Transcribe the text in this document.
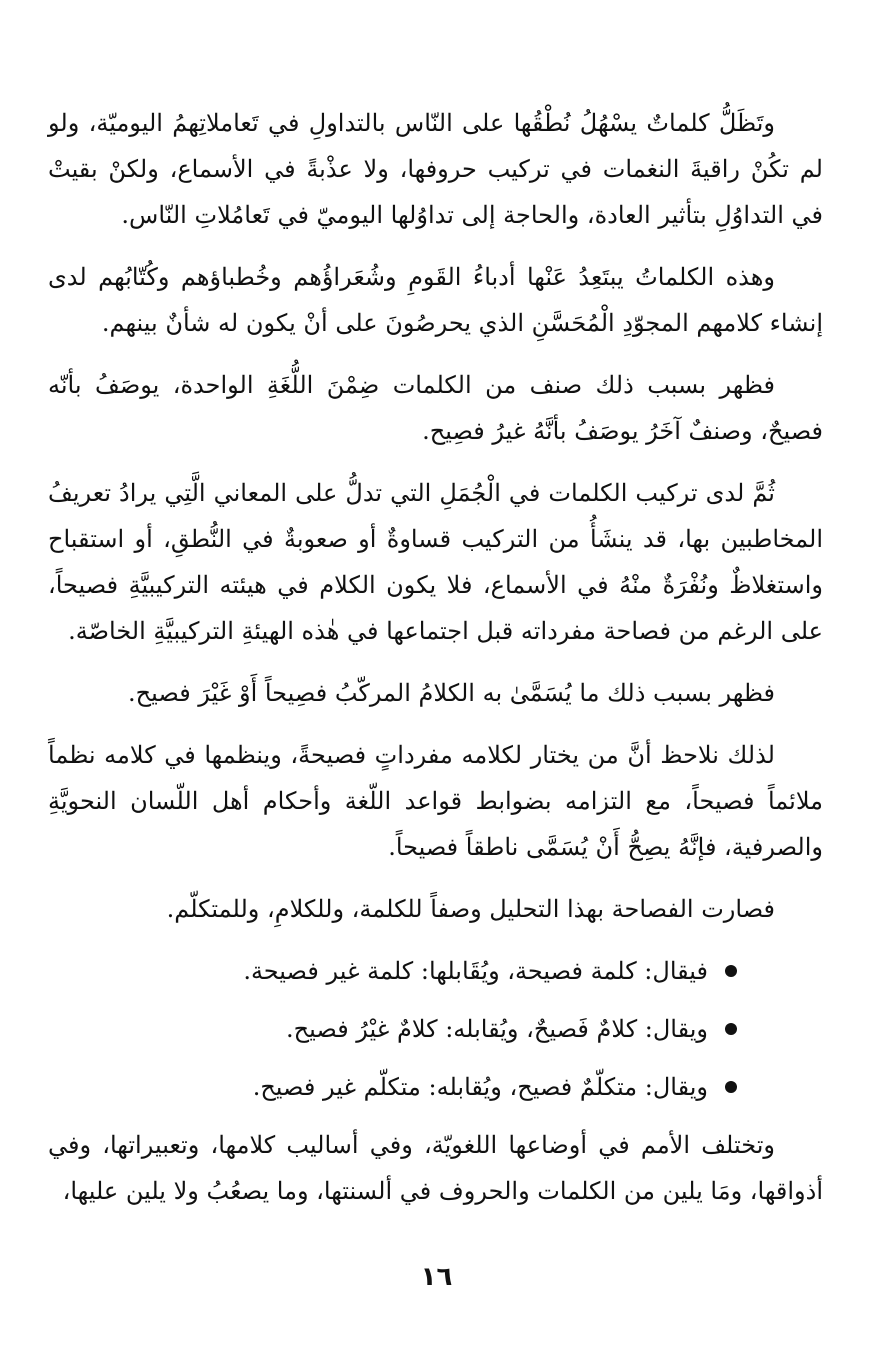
وتَظَلُّ كلماتٌ يسْهُلُ نُطْقُها على النّاس بالتداولِ في تَعاملاتِهمُ اليوميّة، ولو لم تكُنْ راقيةَ النغمات في تركيب حروفها، ولا عذْبةً في الأسماع، ولكنْ بقيتْ في التداوُلِ بتأثير العادة، والحاجة إلى تداوُلها اليوميّ في تَعامُلاتِ النّاس.

وهذه الكلماتُ يبتَعِدُ عَنْها أدباءُ القَومِ وشُعَراؤُهم وخُطباؤهم وكُتّابُهم لدى إنشاء كلامهم المجوّدِ الْمُحَسَّنِ الذي يحرصُونَ على أنْ يكون له شأنٌ بينهم.

فظهر بسبب ذلك صنف من الكلمات ضِمْنَ اللُّغَةِ الواحدة، يوصَفُ بأنّه فصيحٌ، وصنفٌ آخَرُ يوصَفُ بأنَّهُ غيرُ فصِيح.

ثُمَّ لدى تركيب الكلمات في الْجُمَلِ التي تدلُّ على المعاني الَّتِي يرادُ تعريفُ المخاطبين بها، قد ينشَأُ من التركيب قساوةٌ أو صعوبةٌ في النُّطقِ، أو استقباح واستغلاظٌ ونُفْرَةٌ منْهُ في الأسماع، فلا يكون الكلام في هيئته التركيبيَّةِ فصيحاً، على الرغم من فصاحة مفرداته قبل اجتماعها في هٰذه الهيئةِ التركيبيَّةِ الخاصّة.

فظهر بسبب ذلك ما يُسَمَّىٰ به الكلامُ المركّبُ فصِيحاً أَوْ غَيْرَ فصيح.

لذلك نلاحظ أنَّ من يختار لكلامه مفرداتٍ فصيحةً، وينظمها في كلامه نظماً ملائماً فصيحاً، مع التزامه بضوابط قواعد اللّغة وأحكام أهل اللّسان النحويَّةِ والصرفية، فإنَّهُ يصِحُّ أَنْ يُسَمَّى ناطقاً فصيحاً.

فصارت الفصاحة بهذا التحليل وصفاً للكلمة، وللكلامِ، وللمتكلّم.

فيقال: كلمة فصيحة، ويُقَابلها: كلمة غير فصيحة.
ويقال: كلامٌ فَصيحٌ، ويُقابله: كلامٌ غيْرُ فصيح.
ويقال: متكلّمٌ فصيح، ويُقابله: متكلّم غير فصيح.

وتختلف الأمم في أوضاعها اللغويّة، وفي أساليب كلامها، وتعبيراتها، وفي أذواقها، ومَا يلين من الكلمات والحروف في ألسنتها، وما يصعُبُ ولا يلين عليها،

١٦
